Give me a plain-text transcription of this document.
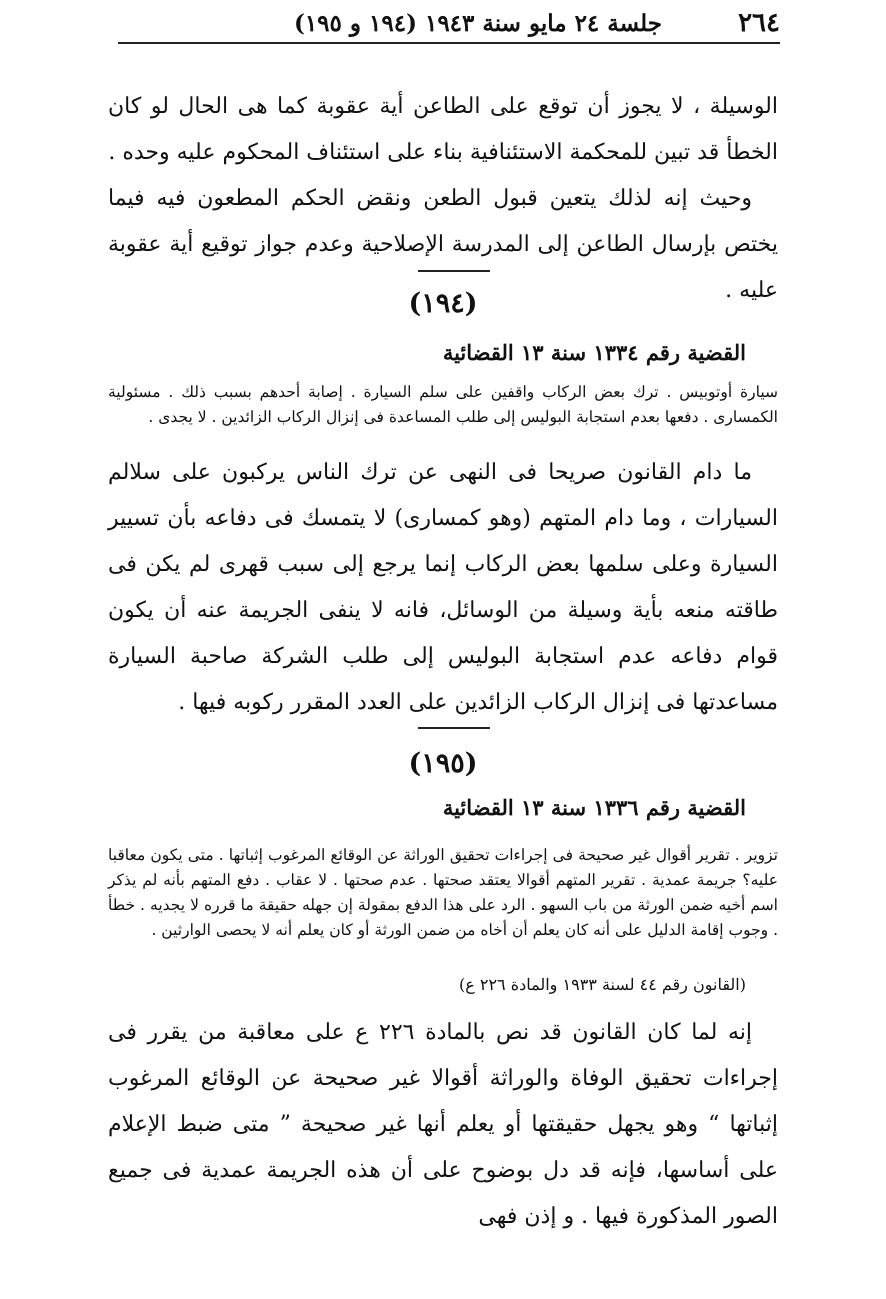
٢٦٤
جلسة ٢٤ مايو سنة ١٩٤٣ (١٩٤ و ١٩٥)
الوسيلة ، لا يجوز أن توقع على الطاعن أية عقوبة كما هى الحال لو كان الخطأ قد تبين للمحكمة الاستئنافية بناء على استئناف المحكوم عليه وحده .
وحيث إنه لذلك يتعين قبول الطعن ونقض الحكم المطعون فيه فيما يختص بإرسال الطاعن إلى المدرسة الإصلاحية وعدم جواز توقيع أية عقوبة عليه .
(١٩٤)
القضية رقم ١٣٣٤ سنة ١٣ القضائية
سيارة أوتوبيس . ترك بعض الركاب واقفين على سلم السيارة . إصابة أحدهم بسبب ذلك . مسئولية الكمسارى . دفعها بعدم استجابة البوليس إلى طلب المساعدة فى إنزال الركاب الزائدين . لا يجدى .
ما دام القانون صريحا فى النهى عن ترك الناس يركبون على سلالم السيارات ، وما دام المتهم (وهو كمسارى) لا يتمسك فى دفاعه بأن تسيير السيارة وعلى سلمها بعض الركاب إنما يرجع إلى سبب قهرى لم يكن فى طاقته منعه بأية وسيلة من الوسائل، فانه لا ينفى الجريمة عنه أن يكون قوام دفاعه عدم استجابة البوليس إلى طلب الشركة صاحبة السيارة مساعدتها فى إنزال الركاب الزائدين على العدد المقرر ركوبه فيها .
(١٩٥)
القضية رقم ١٣٣٦ سنة ١٣ القضائية
تزوير . تقرير أقوال غير صحيحة فى إجراءات تحقيق الوراثة عن الوقائع المرغوب إثباتها . متى يكون معاقبا عليه؟ جريمة عمدية . تقرير المتهم أقوالا يعتقد صحتها . عدم صحتها . لا عقاب . دفع المتهم بأنه لم يذكر اسم أخيه ضمن الورثة من باب السهو . الرد على هذا الدفع بمقولة إن جهله حقيقة ما قرره لا يجديه . خطأ . وجوب إقامة الدليل على أنه كان يعلم أن أخاه من ضمن الورثة أو كان يعلم أنه لا يحصى الوارثين .
(القانون رقم ٤٤ لسنة ١٩٣٣ والمادة ٢٢٦ ع)
إنه لما كان القانون قد نص بالمادة ٢٢٦ ع على معاقبة من يقرر فى إجراءات تحقيق الوفاة والوراثة أقوالا غير صحيحة عن الوقائع المرغوب إثباتها “ وهو يجهل حقيقتها أو يعلم أنها غير صحيحة ” متى ضبط الإعلام على أساسها، فإنه قد دل بوضوح على أن هذه الجريمة عمدية فى جميع الصور المذكورة فيها . و إذن فهى
